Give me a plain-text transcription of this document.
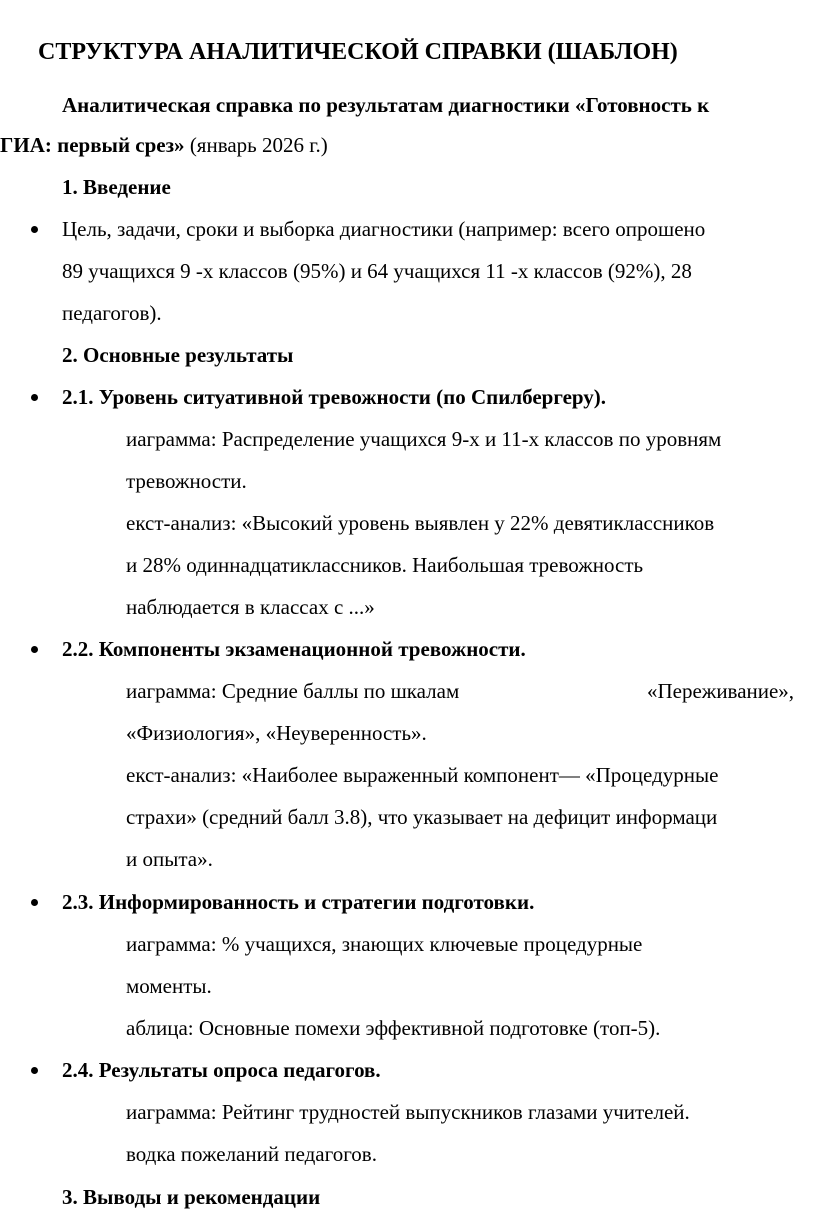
СТРУКТУРА АНАЛИТИЧЕСКОЙ СПРАВКИ (ШАБЛОН)
Аналитическая справка по результатам диагностики «Готовность к
ГИА: первый срез» (январь 2026 г.)
1. Введение
Цель, задачи, сроки и выборка диагностики (например: всего опрошено
89 учащихся 9 -х классов (95%) и 64 учащихся 11 -х классов (92%), 28
педагогов).
2. Основные результаты
2.1. Уровень ситуативной тревожности (по Спилбергеру).
иаграмма: Распределение учащихся 9-х и 11-х классов по уровням
тревожности.
екст-анализ: «Высокий уровень выявлен у 22% девятиклассников
и 28% одиннадцатиклассников. Наибольшая тревожность
наблюдается в классах с ...»
2.2. Компоненты экзаменационной тревожности.
иаграмма: Средние баллы по шкалам	«Переживание»,
«Физиология», «Неуверенность».
екст-анализ: «Наиболее выраженный компонент— «Процедурные
страхи» (средний балл 3.8), что указывает на дефицит информаци
и опыта».
2.3. Информированность и стратегии подготовки.
иаграмма: % учащихся, знающих ключевые процедурные
моменты.
аблица: Основные помехи эффективной подготовке (топ-5).
2.4. Результаты опроса педагогов.
иаграмма: Рейтинг трудностей выпускников глазами учителей.
водка пожеланий педагогов.
3. Выводы и рекомендации
